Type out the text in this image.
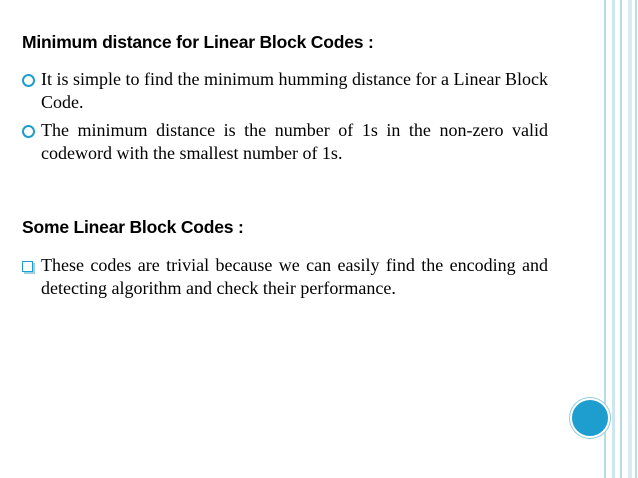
Minimum distance for Linear Block Codes :
It is simple to find the minimum humming distance for a Linear Block Code.
The minimum distance is the number of 1s in the non-zero valid codeword with the smallest number of 1s.
Some Linear Block Codes :
These codes are trivial because we can easily find the encoding and detecting algorithm and check their performance.
